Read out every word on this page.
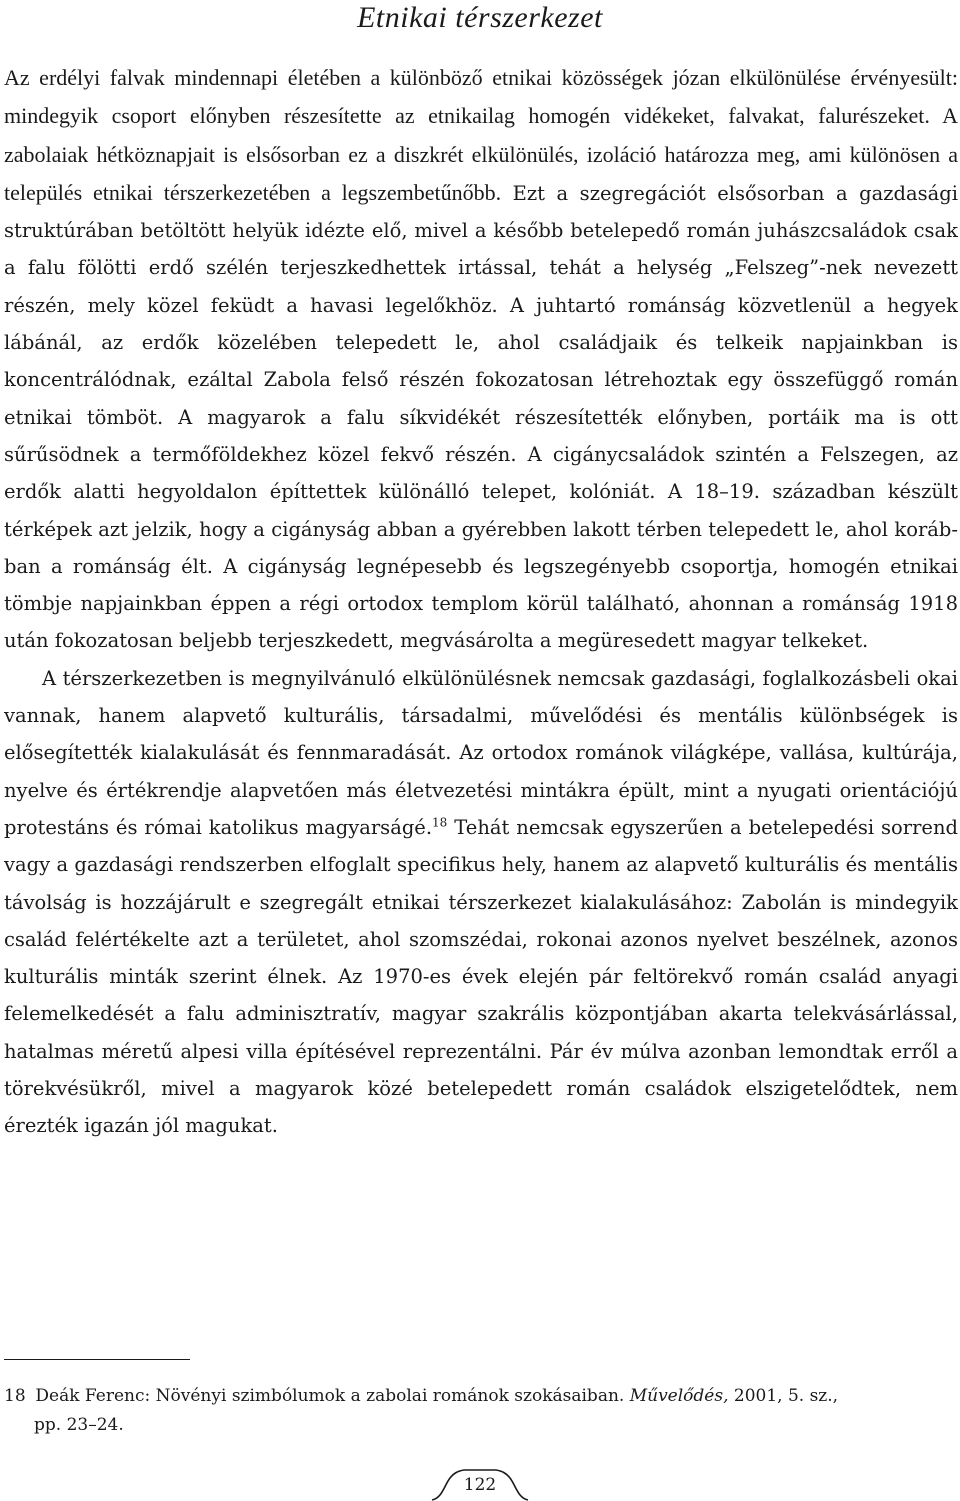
Etnikai térszerkezet

Az erdélyi falvak mindennapi életében a különböző etnikai közösségek józan elkülönülése érvényesült: mindegyik csoport előnyben részesítette az etnikailag homogén vidékeket, falvakat, falurészeket. A zabolaiak hétköznapjait is elsősorban ez a diszkrét elkülönülés, izoláció határozza meg, ami különösen a település etnikai térszerkezetében a legszembetűnőbb. Ezt a szegregációt elsősorban a gazdasági struktúrában betöltött helyük idézte elő, mivel a később betelepedő román juhászcsaládok csak a falu fölötti erdő szélén terjeszkedhettek irtással, tehát a helység „Felszeg”-nek nevezett részén, mely közel feküdt a havasi legelőkhöz. A juhtartó románság közvetlenül a hegyek lábánál, az erdők közelében telepedett le, ahol családjaik és telkeik napjainkban is koncentrálódnak, ezáltal Zabola felső részén fokozatosan létrehoztak egy összefüggő román etnikai tömböt. A magyarok a falu síkvidékét részesítették előnyben, portáik ma is ott sűrűsödnek a termőföldekhez közel fekvő részén. A cigánycsaládok szintén a Felszegen, az erdők alatti hegyoldalon építtettek különálló telepet, kolóniát. A 18–19. században készült térképek azt jelzik, hogy a cigányság abban a gyérebben lakott térben telepedett le, ahol korábban a románság élt. A cigányság legnépesebb és legszegényebb csoportja, homogén etnikai tömbje napjainkban éppen a régi ortodox templom körül található, ahonnan a románság 1918 után fokozatosan beljebb terjeszkedett, megvásárolta a megüresedett magyar telkeket.

A térszerkezetben is megnyilvánuló elkülönülésnek nemcsak gazdasági, foglalkozásbeli okai vannak, hanem alapvető kulturális, társadalmi, művelődési és mentális különbségek is elősegítették kialakulását és fennmaradását. Az ortodox románok világképe, vallása, kultúrája, nyelve és értékrendje alapvetően más életvezetési mintákra épült, mint a nyugati orientációjú protestáns és római katolikus magyarságé.$^{18}$ Tehát nemcsak egyszerűen a betelepedési sorrend vagy a gazdasági rendszerben elfoglalt specifikus hely, hanem az alapvető kulturális és mentális távolság is hozzájárult e szegregált etnikai térszerkezet kialakulásához: Zabolán is mindegyik család felértékelte azt a területet, ahol szomszédai, rokonai azonos nyelvet beszélnek, azonos kulturális minták szerint élnek. Az 1970-es évek elején pár feltörekvő román család anyagi felemelkedését a falu adminisztratív, magyar szakrális központjában akarta telekvásárlással, hatalmas méretű alpesi villa építésével reprezentálni. Pár év múlva azonban lemondtak erről a törekvésükről, mivel a magyarok közé betelepedett román családok elszigetelődtek, nem érezték igazán jól magukat.

18 Deák Ferenc: Növényi szimbólumok a zabolai románok szokásaiban. Művelődés, 2001, 5. sz.,
pp. 23–24.
122
